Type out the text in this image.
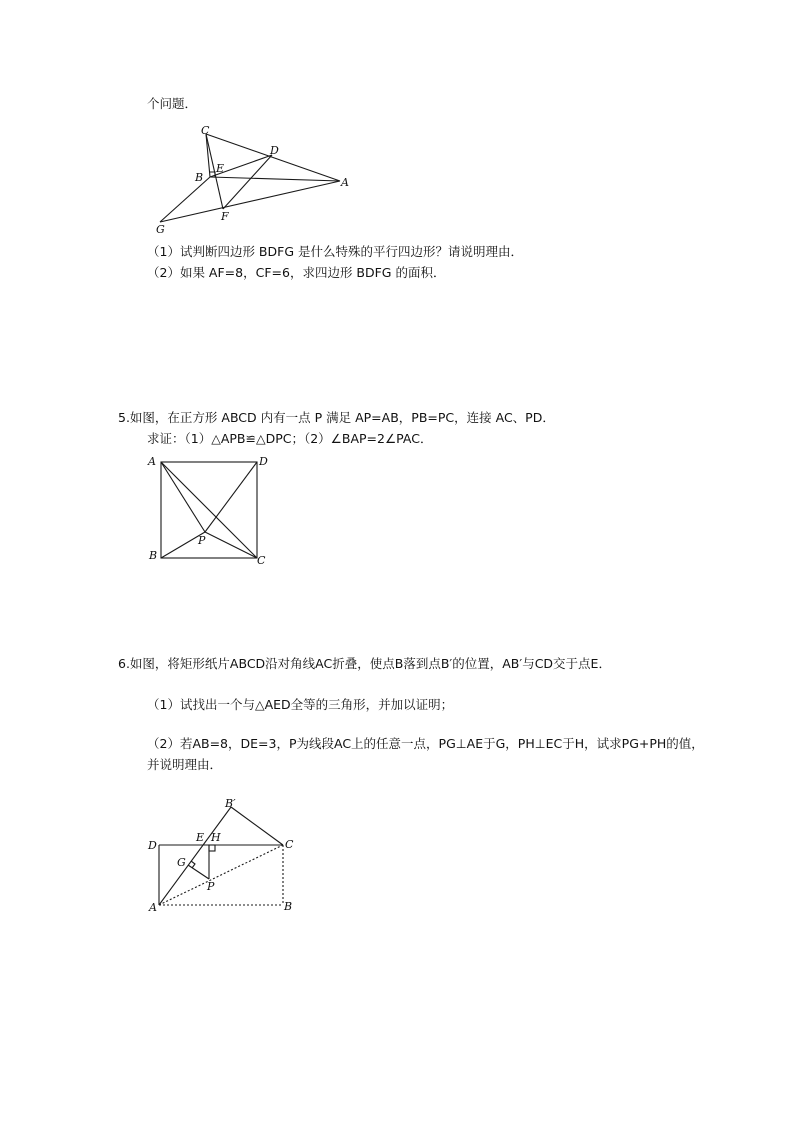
个问题．
C
D
E
B	A
F
G
（1）试判断四边形 BDFG 是什么特殊的平行四边形？请说明理由．
（2）如果 AF=8，CF=6，求四边形 BDFG 的面积．
5.如图，在正方形 ABCD 内有一点 P 满足 AP=AB，PB=PC，连接 AC、PD．
求证：（1）△APB≌△DPC；（2）∠BAP=2∠PAC．
A	D
P
B	C
6.如图，将矩形纸片ABCD沿对角线AC折叠，使点B落到点B′的位置，AB′与CD交于点E．
（1）试找出一个与△AED全等的三角形，并加以证明；
（2）若AB=8，DE=3，P为线段AC上的任意一点，PG⊥AE于G，PH⊥EC于H，试求PG+PH的值，
并说明理由．
B′
D
E H
C
G
P
A	B
